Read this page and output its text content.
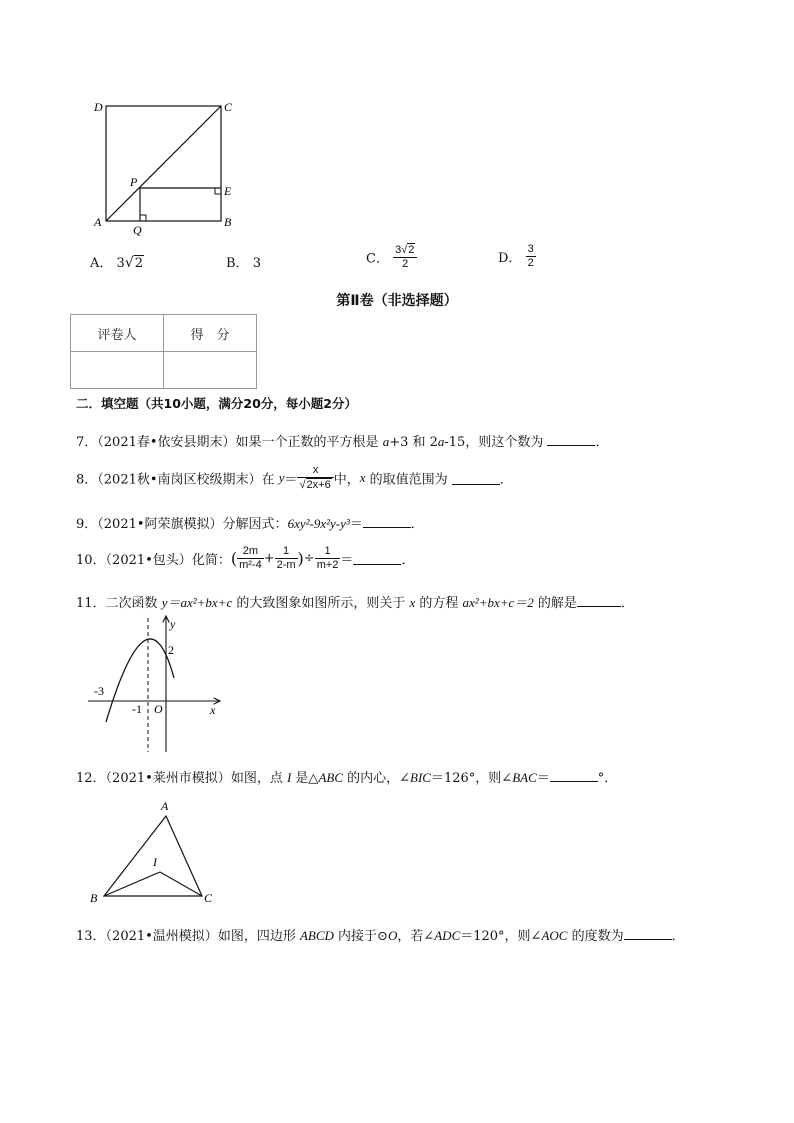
D	C
P
E
A
Q
B
A． 3√2	B． 3	C． $\frac{3√2}{2}$	D． $\frac{3}{2}$
第Ⅱ卷（非选择题）
评卷人	得　分

二．填空题（共10小题，满分20分，每小题2分）
7．（2021春•依安县期末）如果一个正数的平方根是 a+3 和 2a-15，则这个数为	．
8．（2021秋•南岗区校级期末）在 $y= \frac{x}{√2x+6}$ 中，x 的取值范围为	．
9．（2021•阿荣旗模拟）分解因式：6xy²-9x²y-y³＝	．
10．（2021•包头）化简：( $\frac{2m}{\text{m²-4}} + \frac{1}{2-m}$ )÷ $\frac{1}{m+2}$ ＝	．
11．二次函数 y＝ax²+bx+c 的大致图象如图所示，则关于 x 的方程 ax²+bx+c＝2 的解是	．
y
x
O
2
-3
-1
12．（2021•莱州市模拟）如图，点 I 是△ABC 的内心，∠BIC＝126°，则∠BAC＝	°．
A
B	C
I
13．（2021•温州模拟）如图，四边形 ABCD 内接于⊙O，若∠ADC＝120°，则∠AOC 的度数为	．
